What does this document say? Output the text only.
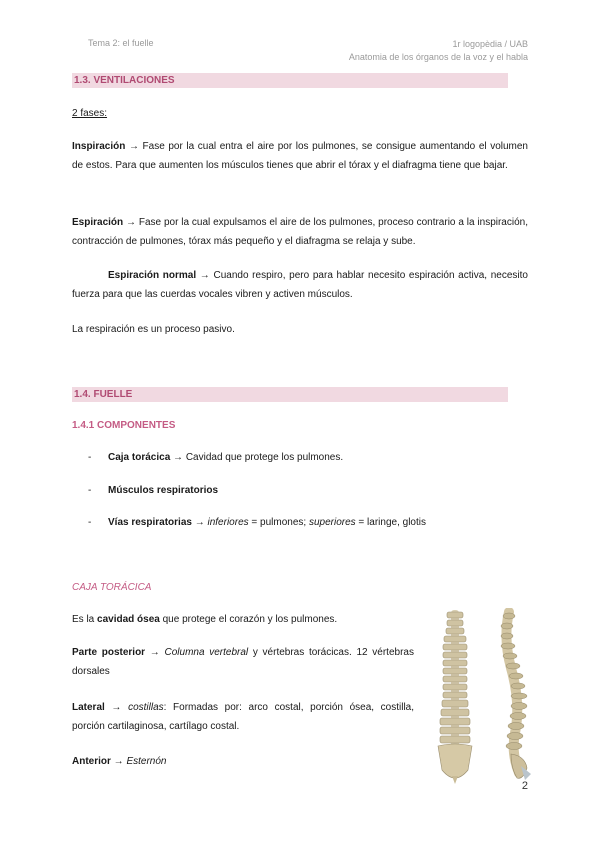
Tema 2: el fuelle	1r logopèdia / UAB
Anatomia de los órganos de la voz y el habla
1.3. VENTILACIONES
2 fases:
Inspiración → Fase por la cual entra el aire por los pulmones, se consigue aumentando el volumen de estos. Para que aumenten los músculos tienes que abrir el tórax y el diafragma tiene que bajar.
Espiración → Fase por la cual expulsamos el aire de los pulmones, proceso contrario a la inspiración, contracción de pulmones, tórax más pequeño y el diafragma se relaja y sube.
Espiración normal → Cuando respiro, pero para hablar necesito espiración activa, necesito fuerza para que las cuerdas vocales vibren y activen músculos.
La respiración es un proceso pasivo.
1.4. FUELLE
1.4.1 COMPONENTES
- Caja torácica → Cavidad que protege los pulmones.
- Músculos respiratorios
- Vías respiratorias → inferiores = pulmones; superiores = laringe, glotis
CAJA TORÁCICA
Es la cavidad ósea que protege el corazón y los pulmones.
Parte posterior → Columna vertebral y vértebras torácicas. 12 vértebras dorsales
Lateral → costillas: Formadas por: arco costal, porción ósea, costilla, porción cartilaginosa, cartílago costal.
Anterior → Esternón
2
